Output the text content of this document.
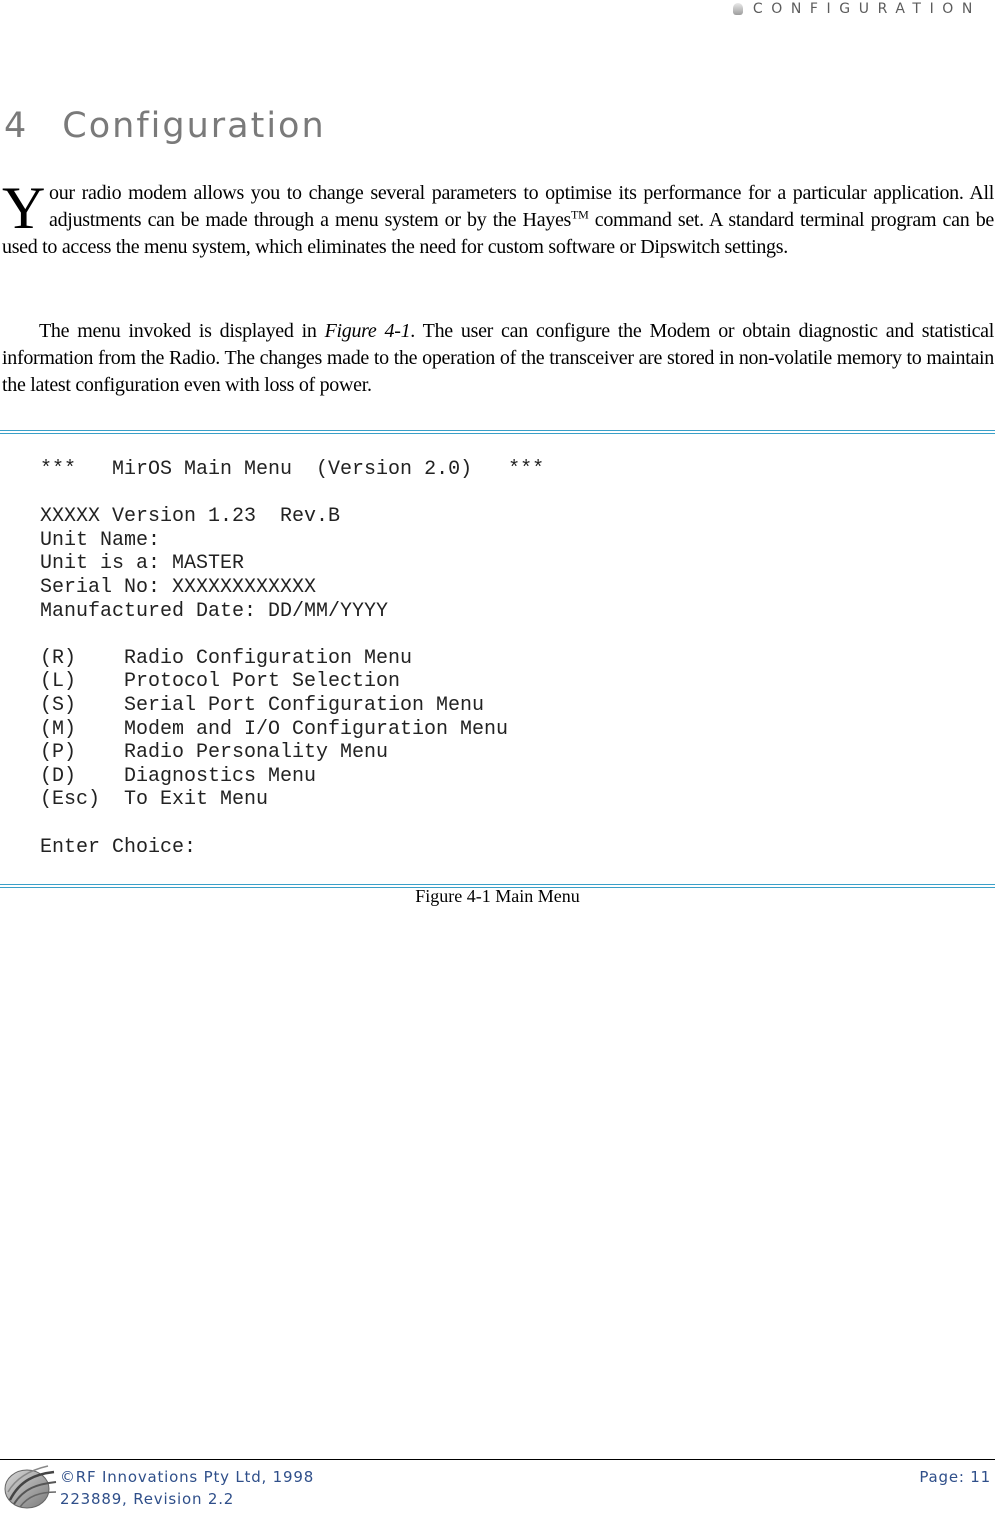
CONFIGURATION
4 Configuration

Your radio modem allows you to change several parameters to optimise its performance for a particular application. All adjustments can be made through a menu system or by the Hayes™ command set. A standard terminal program can be used to access the menu system, which eliminates the need for custom software or Dipswitch settings.

The menu invoked is displayed in Figure 4-1. The user can configure the Modem or obtain diagnostic and statistical information from the Radio. The changes made to the operation of the transceiver are stored in non-volatile memory to maintain the latest configuration even with loss of power.

***   MirOS Main Menu  (Version 2.0)   ***

XXXXX Version 1.23  Rev.B
Unit Name:
Unit is a: MASTER
Serial No: XXXXXXXXXXXX
Manufactured Date: DD/MM/YYYY

(R) Radio Configuration Menu
(L) Protocol Port Selection
(S) Serial Port Configuration Menu
(M) Modem and I/O Configuration Menu
(P) Radio Personality Menu
(D) Diagnostics Menu
(Esc) To Exit Menu

Enter Choice:

Figure 4-1 Main Menu
©RF Innovations Pty Ltd, 1998
223889, Revision 2.2
Page: 11
